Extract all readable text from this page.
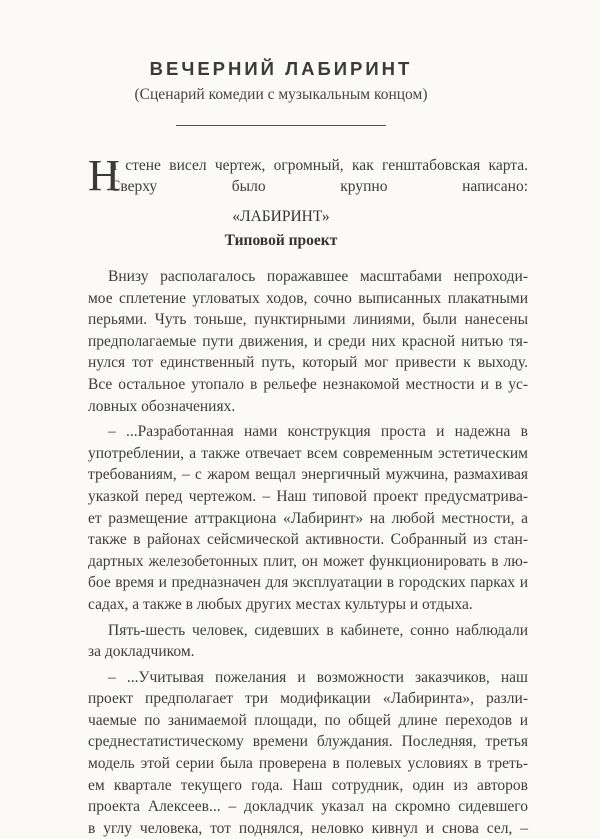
ВЕЧЕРНИЙ ЛАБИРИНТ
(Сценарий комедии с музыкальным концом)
Н
а стене висел чертеж, огромный, как генштабовская карта.
Сверху было крупно написано:
«ЛАБИРИНТ»
Типовой проект
Внизу располагалось поражавшее масштабами непроходи-
мое сплетение угловатых ходов, сочно выписанных плакатными
перьями. Чуть тоньше, пунктирными линиями, были нанесены
предполагаемые пути движения, и среди них красной нитью тя-
нулся тот единственный путь, который мог привести к выходу.
Все остальное утопало в рельефе незнакомой местности и в ус-
ловных обозначениях.
– ...Разработанная нами конструкция проста и надежна в
употреблении, а также отвечает всем современным эстетическим
требованиям, – с жаром вещал энергичный мужчина, размахивая
указкой перед чертежом. – Наш типовой проект предусматрива-
ет размещение аттракциона «Лабиринт» на любой местности, а
также в районах сейсмической активности. Собранный из стан-
дартных железобетонных плит, он может функционировать в лю-
бое время и предназначен для эксплуатации в городских парках и
садах, а также в любых других местах культуры и отдыха.
Пять-шесть человек, сидевших в кабинете, сонно наблюдали
за докладчиком.
– ...Учитывая пожелания и возможности заказчиков, наш
проект предполагает три модификации «Лабиринта», разли-
чаемые по занимаемой площади, по общей длине переходов и
среднестатистическому времени блуждания. Последняя, третья
модель этой серии была проверена в полевых условиях в треть-
ем квартале текущего года. Наш сотрудник, один из авторов
проекта Алексеев... – докладчик указал на скромно сидевшего
в углу человека, тот поднялся, неловко кивнул и снова сел, –
